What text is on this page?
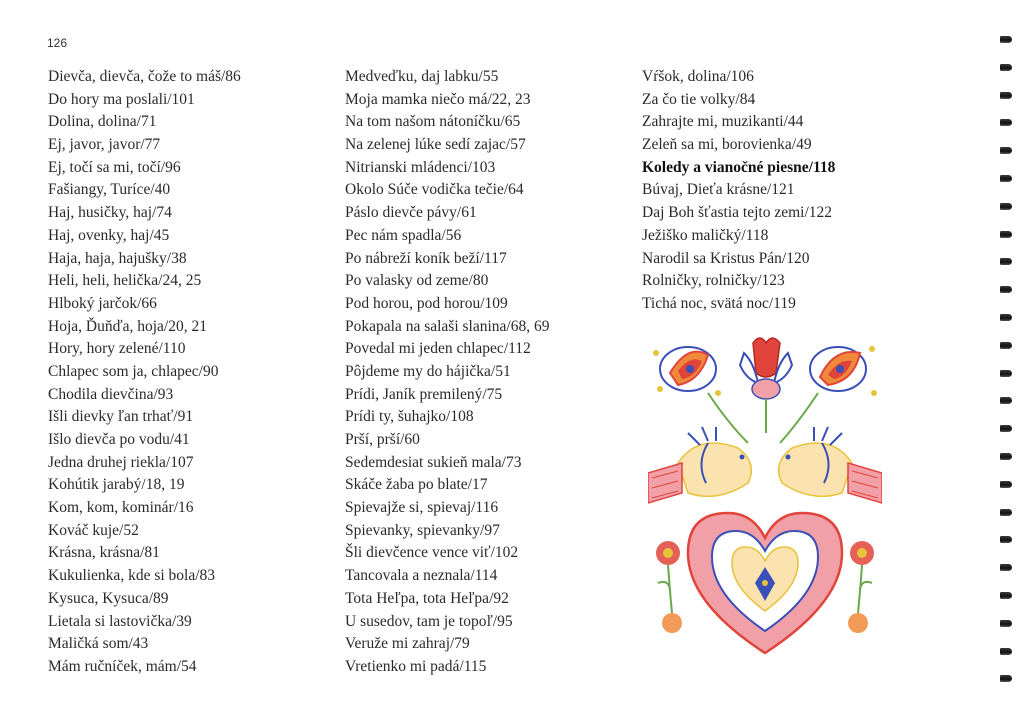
126
Dievča, dievča, čože to máš/86
Do hory ma poslali/101
Dolina, dolina/71
Ej, javor, javor/77
Ej, točí sa mi, točí/96
Fašiangy, Turíce/40
Haj, husičky, haj/74
Haj, ovenky, haj/45
Haja, haja, hajušky/38
Heli, heli, helička/24, 25
Hlboký jarčok/66
Hoja, Ďuňďa, hoja/20, 21
Hory, hory zelené/110
Chlapec som ja, chlapec/90
Chodila dievčina/93
Išli dievky ľan trhať/91
Išlo dievča po vodu/41
Jedna druhej riekla/107
Kohútik jarabý/18, 19
Kom, kom, kominár/16
Kováč kuje/52
Krásna, krásna/81
Kukulienka, kde si bola/83
Kysuca, Kysuca/89
Lietala si lastovička/39
Maličká som/43
Mám ručníček, mám/54
Medveďku, daj labku/55
Moja mamka niečo má/22, 23
Na tom našom nátoníčku/65
Na zelenej lúke sedí zajac/57
Nitrianski mládenci/103
Okolo Súče vodička tečie/64
Páslo dievče pávy/61
Pec nám spadla/56
Po nábreží koník beží/117
Po valasky od zeme/80
Pod horou, pod horou/109
Pokapala na salaši slanina/68, 69
Povedal mi jeden chlapec/112
Pôjdeme my do hájička/51
Prídi, Janík premilený/75
Prídi ty, šuhajko/108
Prší, prší/60
Sedemdesiat sukieň mala/73
Skáče žaba po blate/17
Spievajže si, spievaj/116
Spievanky, spievanky/97
Šli dievčence vence viť/102
Tancovala a neznala/114
Tota Heľpa, tota Heľpa/92
U susedov, tam je topoľ/95
Veruže mi zahraj/79
Vretienko mi padá/115
Vŕšok, dolina/106
Za čo tie volky/84
Zahrajte mi, muzikanti/44
Zeleň sa mi, borovienka/49
Koledy a vianočné piesne/118
Búvaj, Dieťa krásne/121
Daj Boh šťastia tejto zemi/122
Ježiško maličký/118
Narodil sa Kristus Pán/120
Rolničky, rolničky/123
Tichá noc, svätá noc/119
